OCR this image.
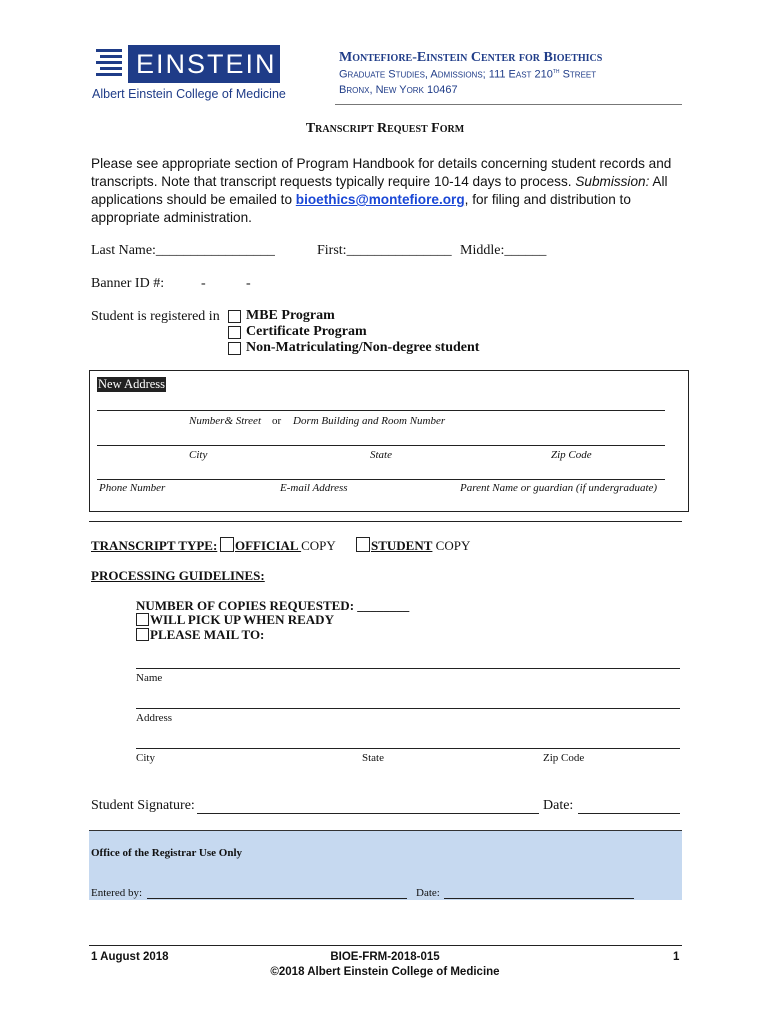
EINSTEIN
Albert Einstein College of Medicine
Montefiore-Einstein Center for Bioethics
Graduate Studies, Admissions; 111 East 210th Street
Bronx, New York 10467
Transcript Request Form
Please see appropriate section of Program Handbook for details concerning student records and transcripts. Note that transcript requests typically require 10-14 days to process. Submission: All applications should be emailed to bioethics@montefiore.org, for filing and distribution to appropriate administration.
Last Name:_________________	First:_______________ Middle:______
Banner ID #:	-	-
Student is registered in MBE Program
Certificate Program
Non-Matriculating/Non-degree student
New Address
Number& Street or Dorm Building and Room Number
City	State	Zip Code
Phone Number	E-mail Address	Parent Name or guardian (if undergraduate)
TRANSCRIPT TYPE: OFFICIAL COPY	STUDENT COPY
PROCESSING GUIDELINES:
NUMBER OF COPIES REQUESTED: ________
WILL PICK UP WHEN READY
PLEASE MAIL TO:
Name
Address
City	State	Zip Code
Student Signature:	Date:
Office of the Registrar Use Only
Entered by:	Date:
1 August 2018	BIOE-FRM-2018-015
©2018 Albert Einstein College of Medicine
1
